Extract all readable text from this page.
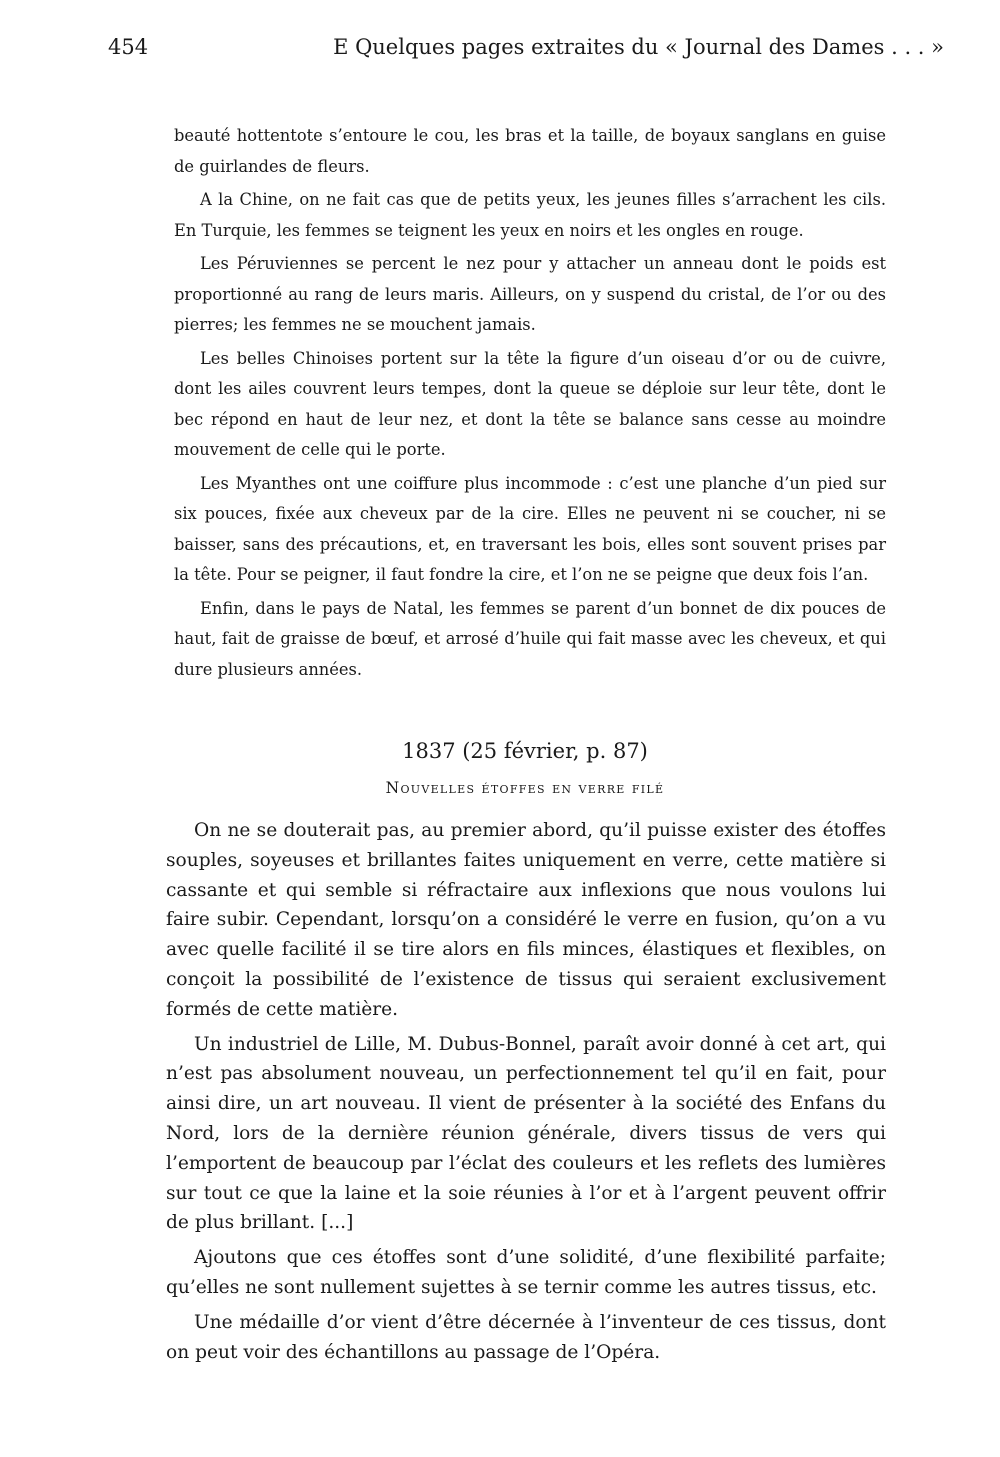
454	E Quelques pages extraites du « Journal des Dames . . . »

beauté hottentote s’entoure le cou, les bras et la taille, de boyaux sanglans en guise de guirlandes de fleurs.

A la Chine, on ne fait cas que de petits yeux, les jeunes filles s’arrachent les cils. En Turquie, les femmes se teignent les yeux en noirs et les ongles en rouge.

Les Péruviennes se percent le nez pour y attacher un anneau dont le poids est proportionné au rang de leurs maris. Ailleurs, on y suspend du cristal, de l’or ou des pierres; les femmes ne se mouchent jamais.

Les belles Chinoises portent sur la tête la figure d’un oiseau d’or ou de cuivre, dont les ailes couvrent leurs tempes, dont la queue se déploie sur leur tête, dont le bec répond en haut de leur nez, et dont la tête se balance sans cesse au moindre mouvement de celle qui le porte.

Les Myanthes ont une coiffure plus incommode : c’est une planche d’un pied sur six pouces, fixée aux cheveux par de la cire. Elles ne peuvent ni se coucher, ni se baisser, sans des précautions, et, en traversant les bois, elles sont souvent prises par la tête. Pour se peigner, il faut fondre la cire, et l’on ne se peigne que deux fois l’an.

Enfin, dans le pays de Natal, les femmes se parent d’un bonnet de dix pouces de haut, fait de graisse de bœuf, et arrosé d’huile qui fait masse avec les cheveux, et qui dure plusieurs années.

1837 (25 février, p. 87)
Nouvelles étoffes en verre filé

On ne se douterait pas, au premier abord, qu’il puisse exister des étoffes souples, soyeuses et brillantes faites uniquement en verre, cette matière si cassante et qui semble si réfractaire aux inflexions que nous voulons lui faire subir. Cependant, lorsqu’on a considéré le verre en fusion, qu’on a vu avec quelle facilité il se tire alors en fils minces, élastiques et flexibles, on conçoit la possibilité de l’existence de tissus qui seraient exclusivement formés de cette matière.

Un industriel de Lille, M. Dubus-Bonnel, paraît avoir donné à cet art, qui n’est pas absolument nouveau, un perfectionnement tel qu’il en fait, pour ainsi dire, un art nouveau. Il vient de présenter à la société des Enfans du Nord, lors de la dernière réunion générale, divers tissus de vers qui l’emportent de beaucoup par l’éclat des couleurs et les reflets des lumières sur tout ce que la laine et la soie réunies à l’or et à l’argent peuvent offrir de plus brillant. [...]

Ajoutons que ces étoffes sont d’une solidité, d’une flexibilité parfaite; qu’elles ne sont nullement sujettes à se ternir comme les autres tissus, etc.

Une médaille d’or vient d’être décernée à l’inventeur de ces tissus, dont on peut voir des échantillons au passage de l’Opéra.
